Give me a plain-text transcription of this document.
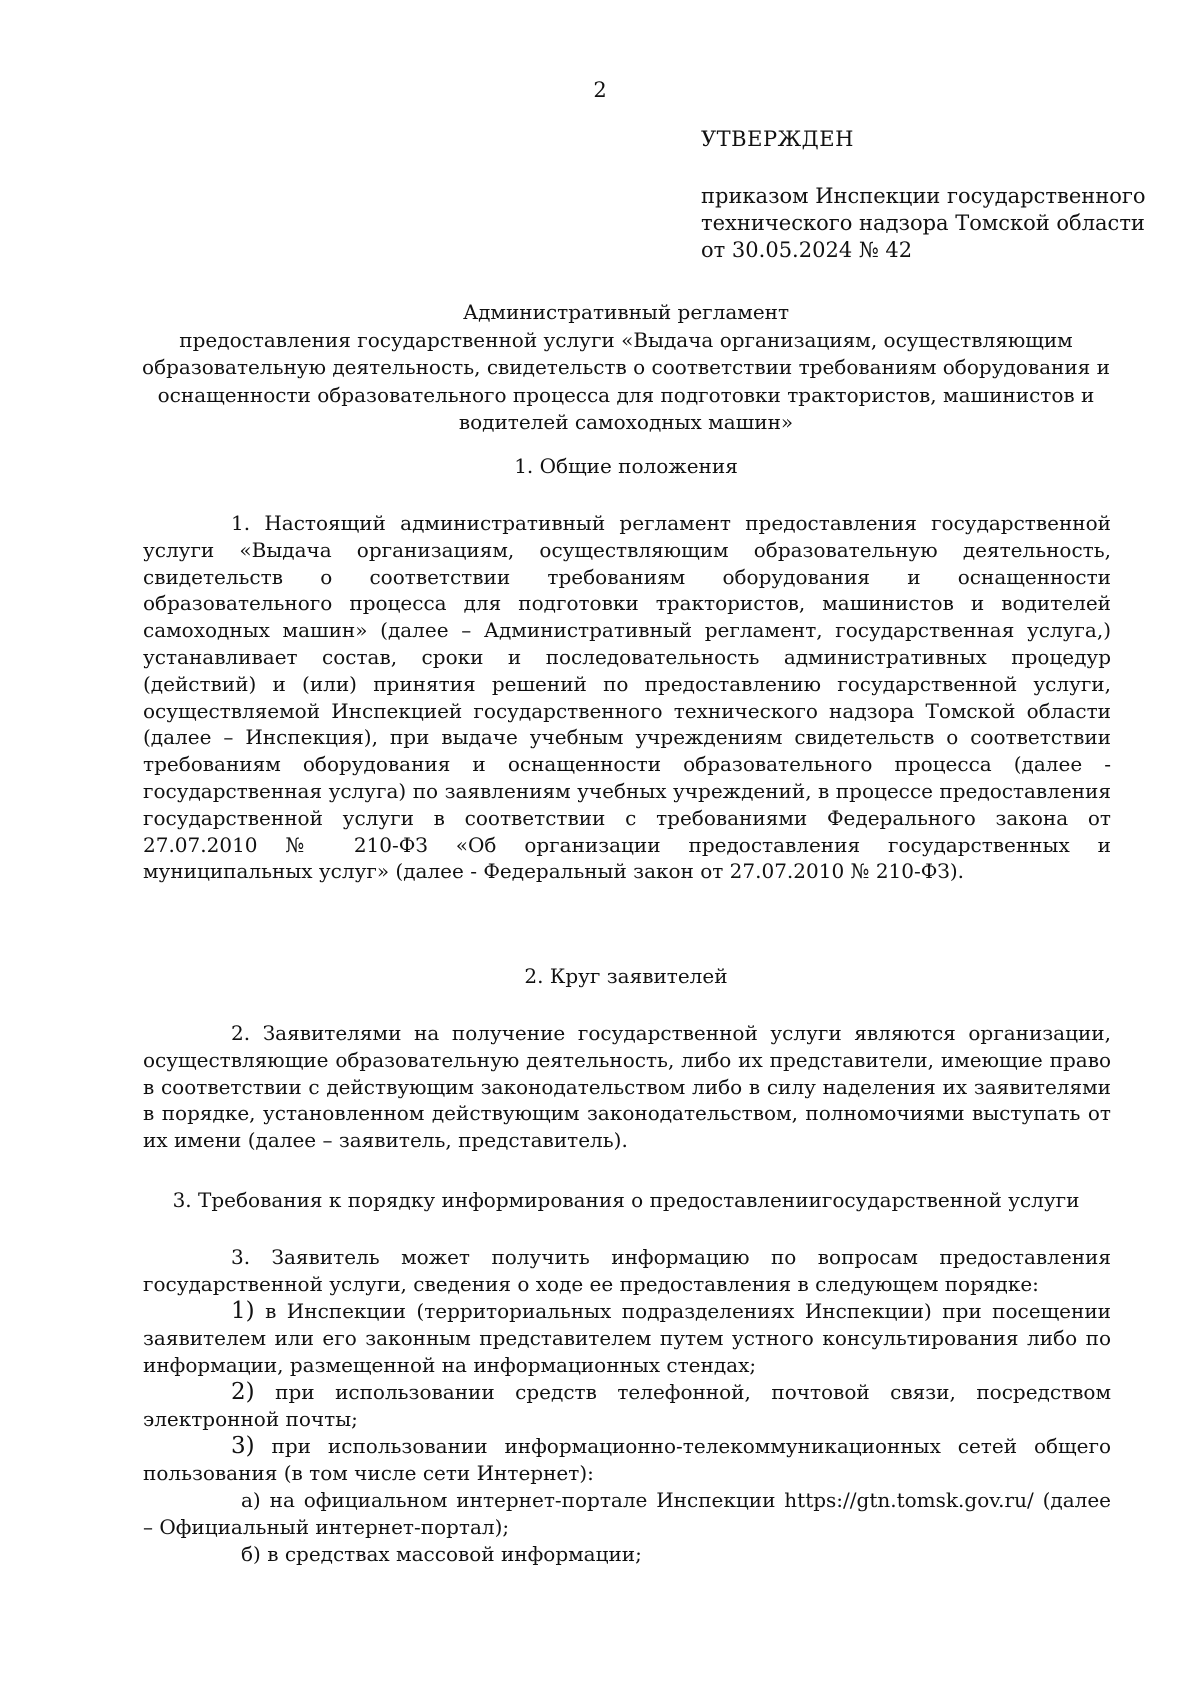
2
УТВЕРЖДЕН
приказом Инспекции государственного
технического надзора Томской области
от 30.05.2024 № 42
Административный регламент
предоставления государственной услуги «Выдача организациям, осуществляющим
образовательную деятельность, свидетельств о соответствии требованиям оборудования и
оснащенности образовательного процесса для подготовки трактористов, машинистов и
водителей самоходных машин»
1. Общие положения
1. Настоящий административный регламент предоставления государственной услуги «Выдача организациям, осуществляющим образовательную деятельность, свидетельств о соответствии требованиям оборудования и оснащенности образовательного процесса для подготовки трактористов, машинистов и водителей самоходных машин» (далее – Административный регламент, государственная услуга,) устанавливает состав, сроки и последовательность административных процедур (действий) и (или) принятия решений по предоставлению государственной услуги, осуществляемой Инспекцией государственного технического надзора Томской области (далее – Инспекция), при выдаче учебным учреждениям свидетельств о соответствии требованиям оборудования и оснащенности образовательного процесса (далее - государственная услуга) по заявлениям учебных учреждений, в процессе предоставления государственной услуги в соответствии с требованиями Федерального закона от 27.07.2010 № 210-ФЗ «Об организации предоставления государственных и муниципальных услуг» (далее - Федеральный закон от 27.07.2010 № 210-ФЗ).
2. Круг заявителей
2. Заявителями на получение государственной услуги являются организации, осуществляющие образовательную деятельность, либо их представители, имеющие право в соответствии с действующим законодательством либо в силу наделения их заявителями в порядке, установленном действующим законодательством, полномочиями выступать от их имени (далее – заявитель, представитель).
3. Требования к порядку информирования о предоставлениигосударственной услуги
3. Заявитель может получить информацию по вопросам предоставления государственной услуги, сведения о ходе ее предоставления в следующем порядке:
1) в Инспекции (территориальных подразделениях Инспекции) при посещении заявителем или его законным представителем путем устного консультирования либо по информации, размещенной на информационных стендах;
2) при использовании средств телефонной, почтовой связи, посредством электронной почты;
3) при использовании информационно-телекоммуникационных сетей общего пользования (в том числе сети Интернет):
а) на официальном интернет-портале Инспекции https://gtn.tomsk.gov.ru/ (далее – Официальный интернет-портал);
б) в средствах массовой информации;
